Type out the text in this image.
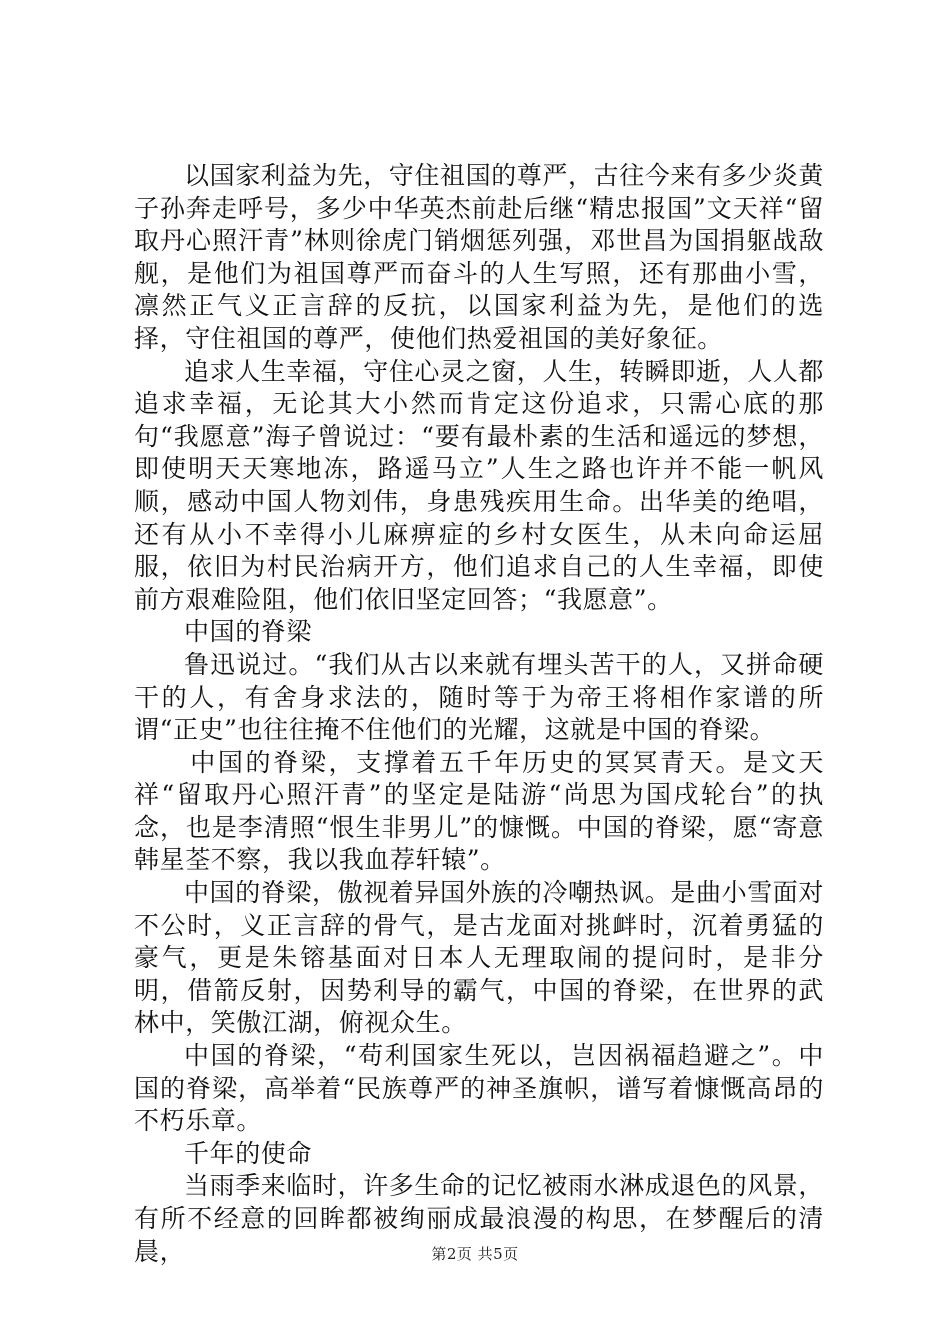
以国家利益为先，守住祖国的尊严，古往今来有多少炎黄子孙奔走呼号，多少中华英杰前赴后继“精忠报国”文天祥“留取丹心照汗青”林则徐虎门销烟惩列强，邓世昌为国捐躯战敌舰，是他们为祖国尊严而奋斗的人生写照，还有那曲小雪，凛然正气义正言辞的反抗，以国家利益为先，是他们的选择，守住祖国的尊严，使他们热爱祖国的美好象征。

追求人生幸福，守住心灵之窗，人生，转瞬即逝，人人都追求幸福，无论其大小然而肯定这份追求，只需心底的那句“我愿意”海子曾说过：“要有最朴素的生活和遥远的梦想，即使明天天寒地冻，路遥马立”人生之路也许并不能一帆风顺，感动中国人物刘伟，身患残疾用生命。出华美的绝唱，还有从小不幸得小儿麻痹症的乡村女医生，从未向命运屈服，依旧为村民治病开方，他们追求自己的人生幸福，即使前方艰难险阻，他们依旧坚定回答；“我愿意”。

中国的脊梁

鲁迅说过。“我们从古以来就有埋头苦干的人，又拼命硬干的人，有舍身求法的，随时等于为帝王将相作家谱的所谓“正史”也往往掩不住他们的光耀，这就是中国的脊梁。

中国的脊梁，支撑着五千年历史的冥冥青天。是文天祥“留取丹心照汗青”的坚定是陆游“尚思为国戌轮台”的执念，也是李清照“恨生非男儿”的慷慨。中国的脊梁，愿“寄意韩星荃不察，我以我血荐轩辕”。

中国的脊梁，傲视着异国外族的冷嘲热讽。是曲小雪面对不公时，义正言辞的骨气，是古龙面对挑衅时，沉着勇猛的豪气，更是朱镕基面对日本人无理取闹的提问时，是非分明，借箭反射，因势利导的霸气，中国的脊梁，在世界的武林中，笑傲江湖，俯视众生。

中国的脊梁，“苟利国家生死以，岂因祸福趋避之”。中国的脊梁，高举着“民族尊严的神圣旗帜，谱写着慷慨高昂的不朽乐章。

千年的使命

当雨季来临时，许多生命的记忆被雨水淋成退色的风景，有所不经意的回眸都被绚丽成最浪漫的构思，在梦醒后的清晨，	第2页 共5页
